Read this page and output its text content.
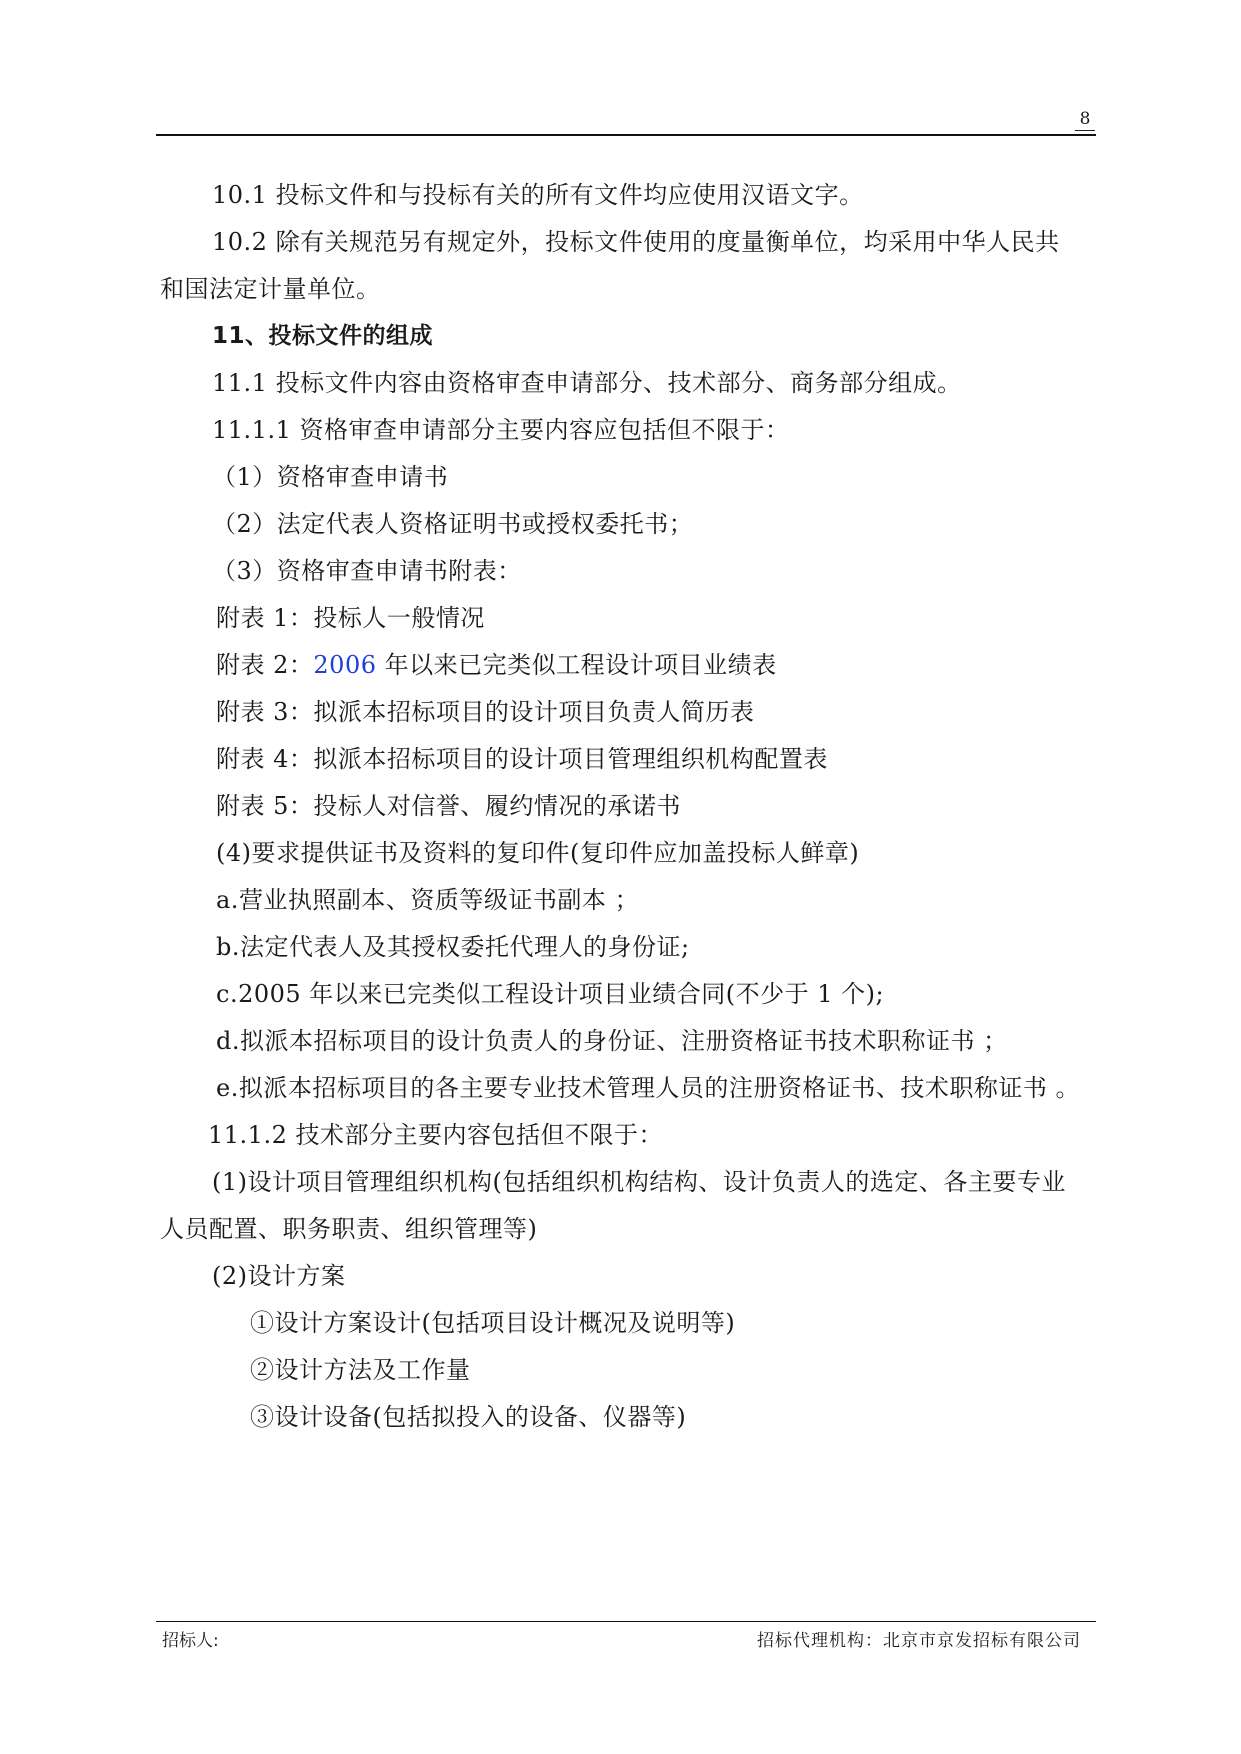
8
10.1 投标文件和与投标有关的所有文件均应使用汉语文字。
10.2 除有关规范另有规定外，投标文件使用的度量衡单位，均采用中华人民共
和国法定计量单位。
11、投标文件的组成
11.1 投标文件内容由资格审查申请部分、技术部分、商务部分组成。
11.1.1 资格审查申请部分主要内容应包括但不限于：
（1）资格审查申请书
（2）法定代表人资格证明书或授权委托书；
（3）资格审查申请书附表：
附表 1：投标人一般情况
附表 2：2006 年以来已完类似工程设计项目业绩表
附表 3：拟派本招标项目的设计项目负责人简历表
附表 4：拟派本招标项目的设计项目管理组织机构配置表
附表 5：投标人对信誉、履约情况的承诺书
(4)要求提供证书及资料的复印件(复印件应加盖投标人鲜章)
a.营业执照副本、资质等级证书副本 ；
b.法定代表人及其授权委托代理人的身份证;
c.2005 年以来已完类似工程设计项目业绩合同(不少于 1 个);
d.拟派本招标项目的设计负责人的身份证、注册资格证书技术职称证书 ；
e.拟派本招标项目的各主要专业技术管理人员的注册资格证书、技术职称证书 。
11.1.2 技术部分主要内容包括但不限于：
(1)设计项目管理组织机构(包括组织机构结构、设计负责人的选定、各主要专业
人员配置、职务职责、组织管理等)
(2)设计方案
①设计方案设计(包括项目设计概况及说明等)
②设计方法及工作量
③设计设备(包括拟投入的设备、仪器等)
招标人:	招标代理机构：北京市京发招标有限公司
